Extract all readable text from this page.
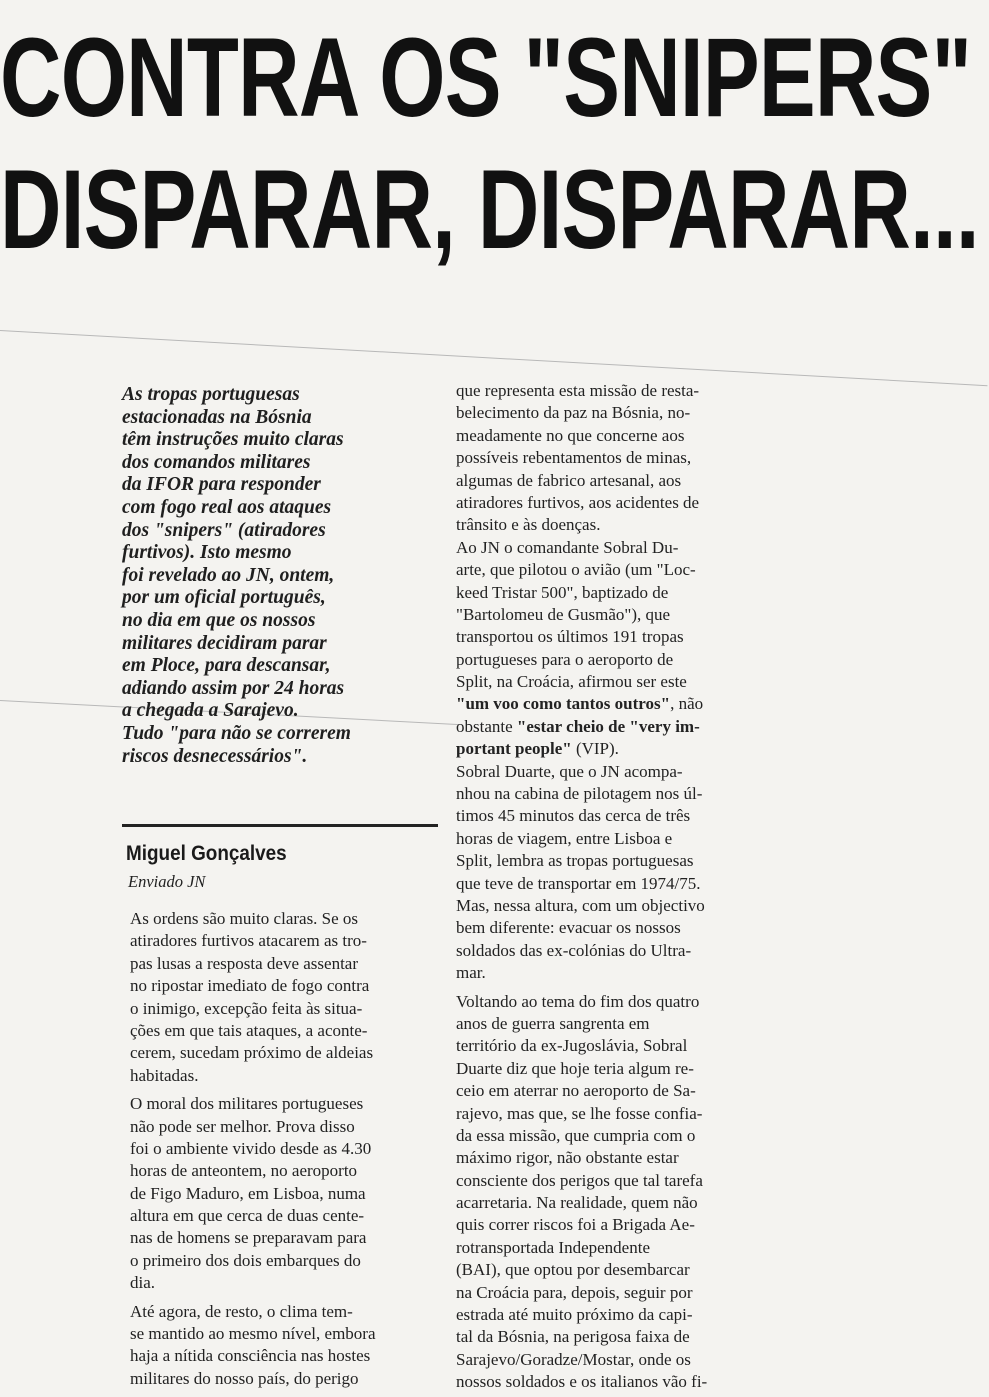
CONTRA OS "SNIPERS"
DISPARAR, DISPARAR...
As tropas portuguesas
estacionadas na Bósnia
têm instruções muito claras
dos comandos militares
da IFOR para responder
com fogo real aos ataques
dos "snipers" (atiradores
furtivos). Isto mesmo
foi revelado ao JN, ontem,
por um oficial português,
no dia em que os nossos
militares decidiram parar
em Ploce, para descansar,
adiando assim por 24 horas
a chegada a Sarajevo.
Tudo "para não se correrem
riscos desnecessários".
Miguel Gonçalves
Enviado JN
As ordens são muito claras. Se os
atiradores furtivos atacarem as tro-
pas lusas a resposta deve assentar
no ripostar imediato de fogo contra
o inimigo, excepção feita às situa-
ções em que tais ataques, a aconte-
cerem, sucedam próximo de aldeias
habitadas.
O moral dos militares portugueses
não pode ser melhor. Prova disso
foi o ambiente vivido desde as 4.30
horas de anteontem, no aeroporto
de Figo Maduro, em Lisboa, numa
altura em que cerca de duas cente-
nas de homens se preparavam para
o primeiro dos dois embarques do
dia.
Até agora, de resto, o clima tem-
se mantido ao mesmo nível, embora
haja a nítida consciência nas hostes
militares do nosso país, do perigo
que representa esta missão de resta-
belecimento da paz na Bósnia, no-
meadamente no que concerne aos
possíveis rebentamentos de minas,
algumas de fabrico artesanal, aos
atiradores furtivos, aos acidentes de
trânsito e às doenças.
Ao JN o comandante Sobral Du-
arte, que pilotou o avião (um "Loc-
keed Tristar 500", baptizado de
"Bartolomeu de Gusmão"), que
transportou os últimos 191 tropas
portugueses para o aeroporto de
Split, na Croácia, afirmou ser este
"um voo como tantos outros", não
obstante "estar cheio de "very im-
portant people" (VIP).
Sobral Duarte, que o JN acompa-
nhou na cabina de pilotagem nos úl-
timos 45 minutos das cerca de três
horas de viagem, entre Lisboa e
Split, lembra as tropas portuguesas
que teve de transportar em 1974/75.
Mas, nessa altura, com um objectivo
bem diferente: evacuar os nossos
soldados das ex-colónias do Ultra-
mar.
Voltando ao tema do fim dos quatro
anos de guerra sangrenta em
território da ex-Jugoslávia, Sobral
Duarte diz que hoje teria algum re-
ceio em aterrar no aeroporto de Sa-
rajevo, mas que, se lhe fosse confia-
da essa missão, que cumpria com o
máximo rigor, não obstante estar
consciente dos perigos que tal tarefa
acarretaria. Na realidade, quem não
quis correr riscos foi a Brigada Ae-
rotransportada Independente
(BAI), que optou por desembarcar
na Croácia para, depois, seguir por
estrada até muito próximo da capi-
tal da Bósnia, na perigosa faixa de
Sarajevo/Goradze/Mostar, onde os
nossos soldados e os italianos vão fi-
